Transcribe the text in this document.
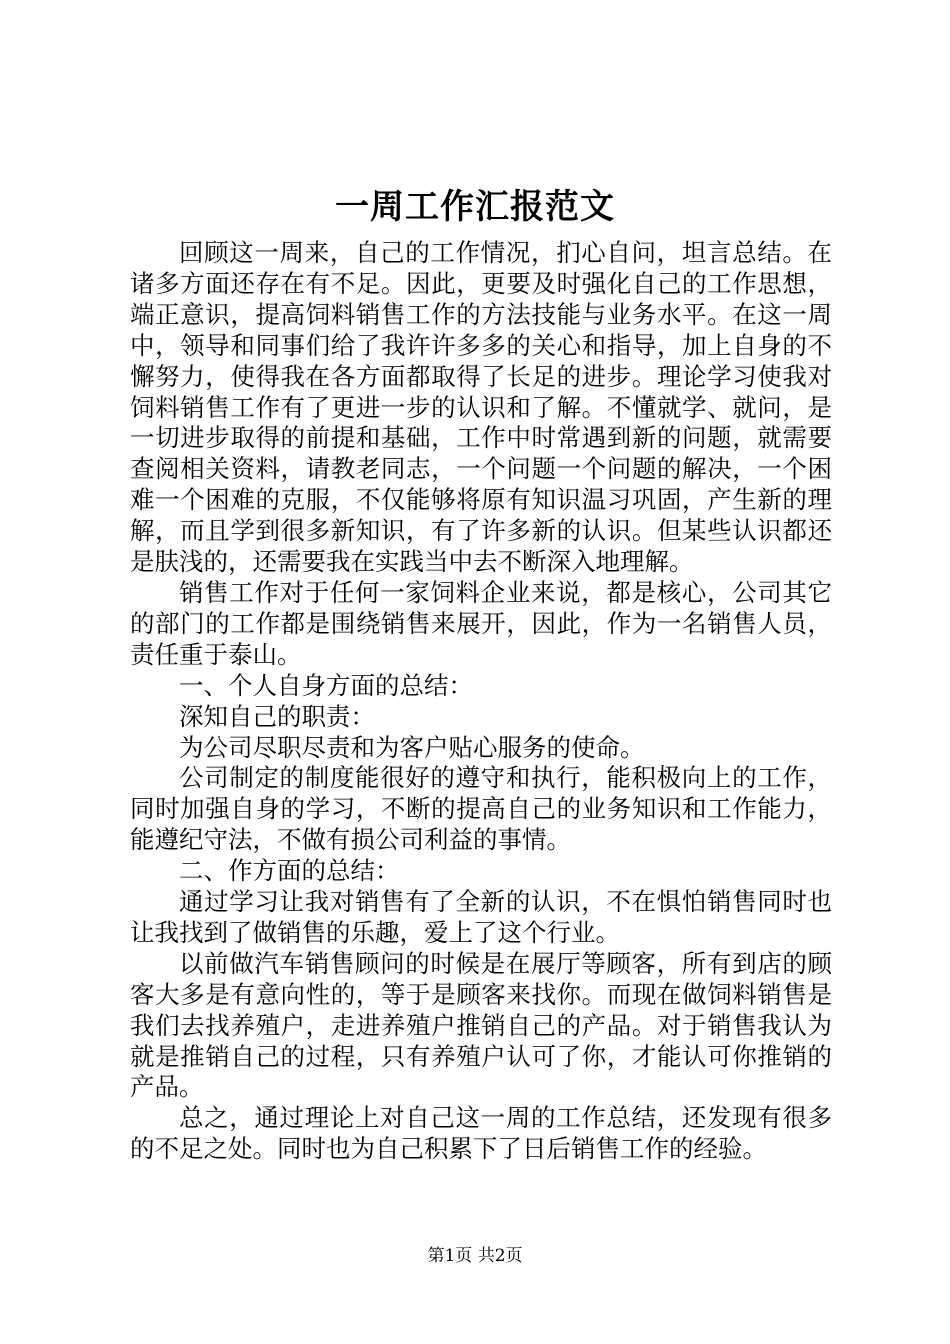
一周工作汇报范文

回顾这一周来，自己的工作情况，扪心自问，坦言总结。在诸多方面还存在有不足。因此，更要及时强化自己的工作思想，端正意识，提高饲料销售工作的方法技能与业务水平。在这一周中，领导和同事们给了我许许多多的关心和指导，加上自身的不懈努力，使得我在各方面都取得了长足的进步。理论学习使我对饲料销售工作有了更进一步的认识和了解。不懂就学、就问，是一切进步取得的前提和基础，工作中时常遇到新的问题，就需要查阅相关资料，请教老同志，一个问题一个问题的解决，一个困难一个困难的克服，不仅能够将原有知识温习巩固，产生新的理解，而且学到很多新知识，有了许多新的认识。但某些认识都还是肤浅的，还需要我在实践当中去不断深入地理解。

销售工作对于任何一家饲料企业来说，都是核心，公司其它的部门的工作都是围绕销售来展开，因此，作为一名销售人员，责任重于泰山。

一、个人自身方面的总结：

深知自己的职责：

为公司尽职尽责和为客户贴心服务的使命。

公司制定的制度能很好的遵守和执行，能积极向上的工作，同时加强自身的学习，不断的提高自己的业务知识和工作能力，能遵纪守法，不做有损公司利益的事情。

二、作方面的总结：

通过学习让我对销售有了全新的认识，不在惧怕销售同时也让我找到了做销售的乐趣，爱上了这个行业。

以前做汽车销售顾问的时候是在展厅等顾客，所有到店的顾客大多是有意向性的，等于是顾客来找你。而现在做饲料销售是我们去找养殖户，走进养殖户推销自己的产品。对于销售我认为就是推销自己的过程，只有养殖户认可了你，才能认可你推销的产品。

总之，通过理论上对自己这一周的工作总结，还发现有很多的不足之处。同时也为自己积累下了日后销售工作的经验。

第1页 共2页
